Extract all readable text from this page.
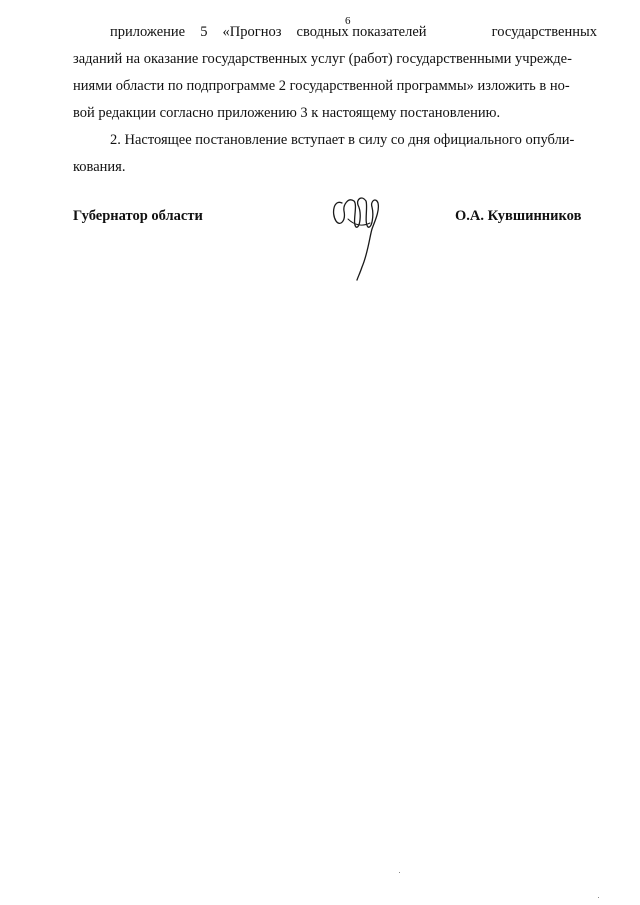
6
приложение 5 «Прогноз сводных показателей	государственных
заданий на оказание государственных услуг (работ) государственными учрежде-
ниями области по подпрограмме 2 государственной программы» изложить в но-
вой редакции согласно приложению 3 к настоящему постановлению.
2. Настоящее постановление вступает в силу со дня официального опубли-
кования.
Губернатор области	О.А. Кувшинников
